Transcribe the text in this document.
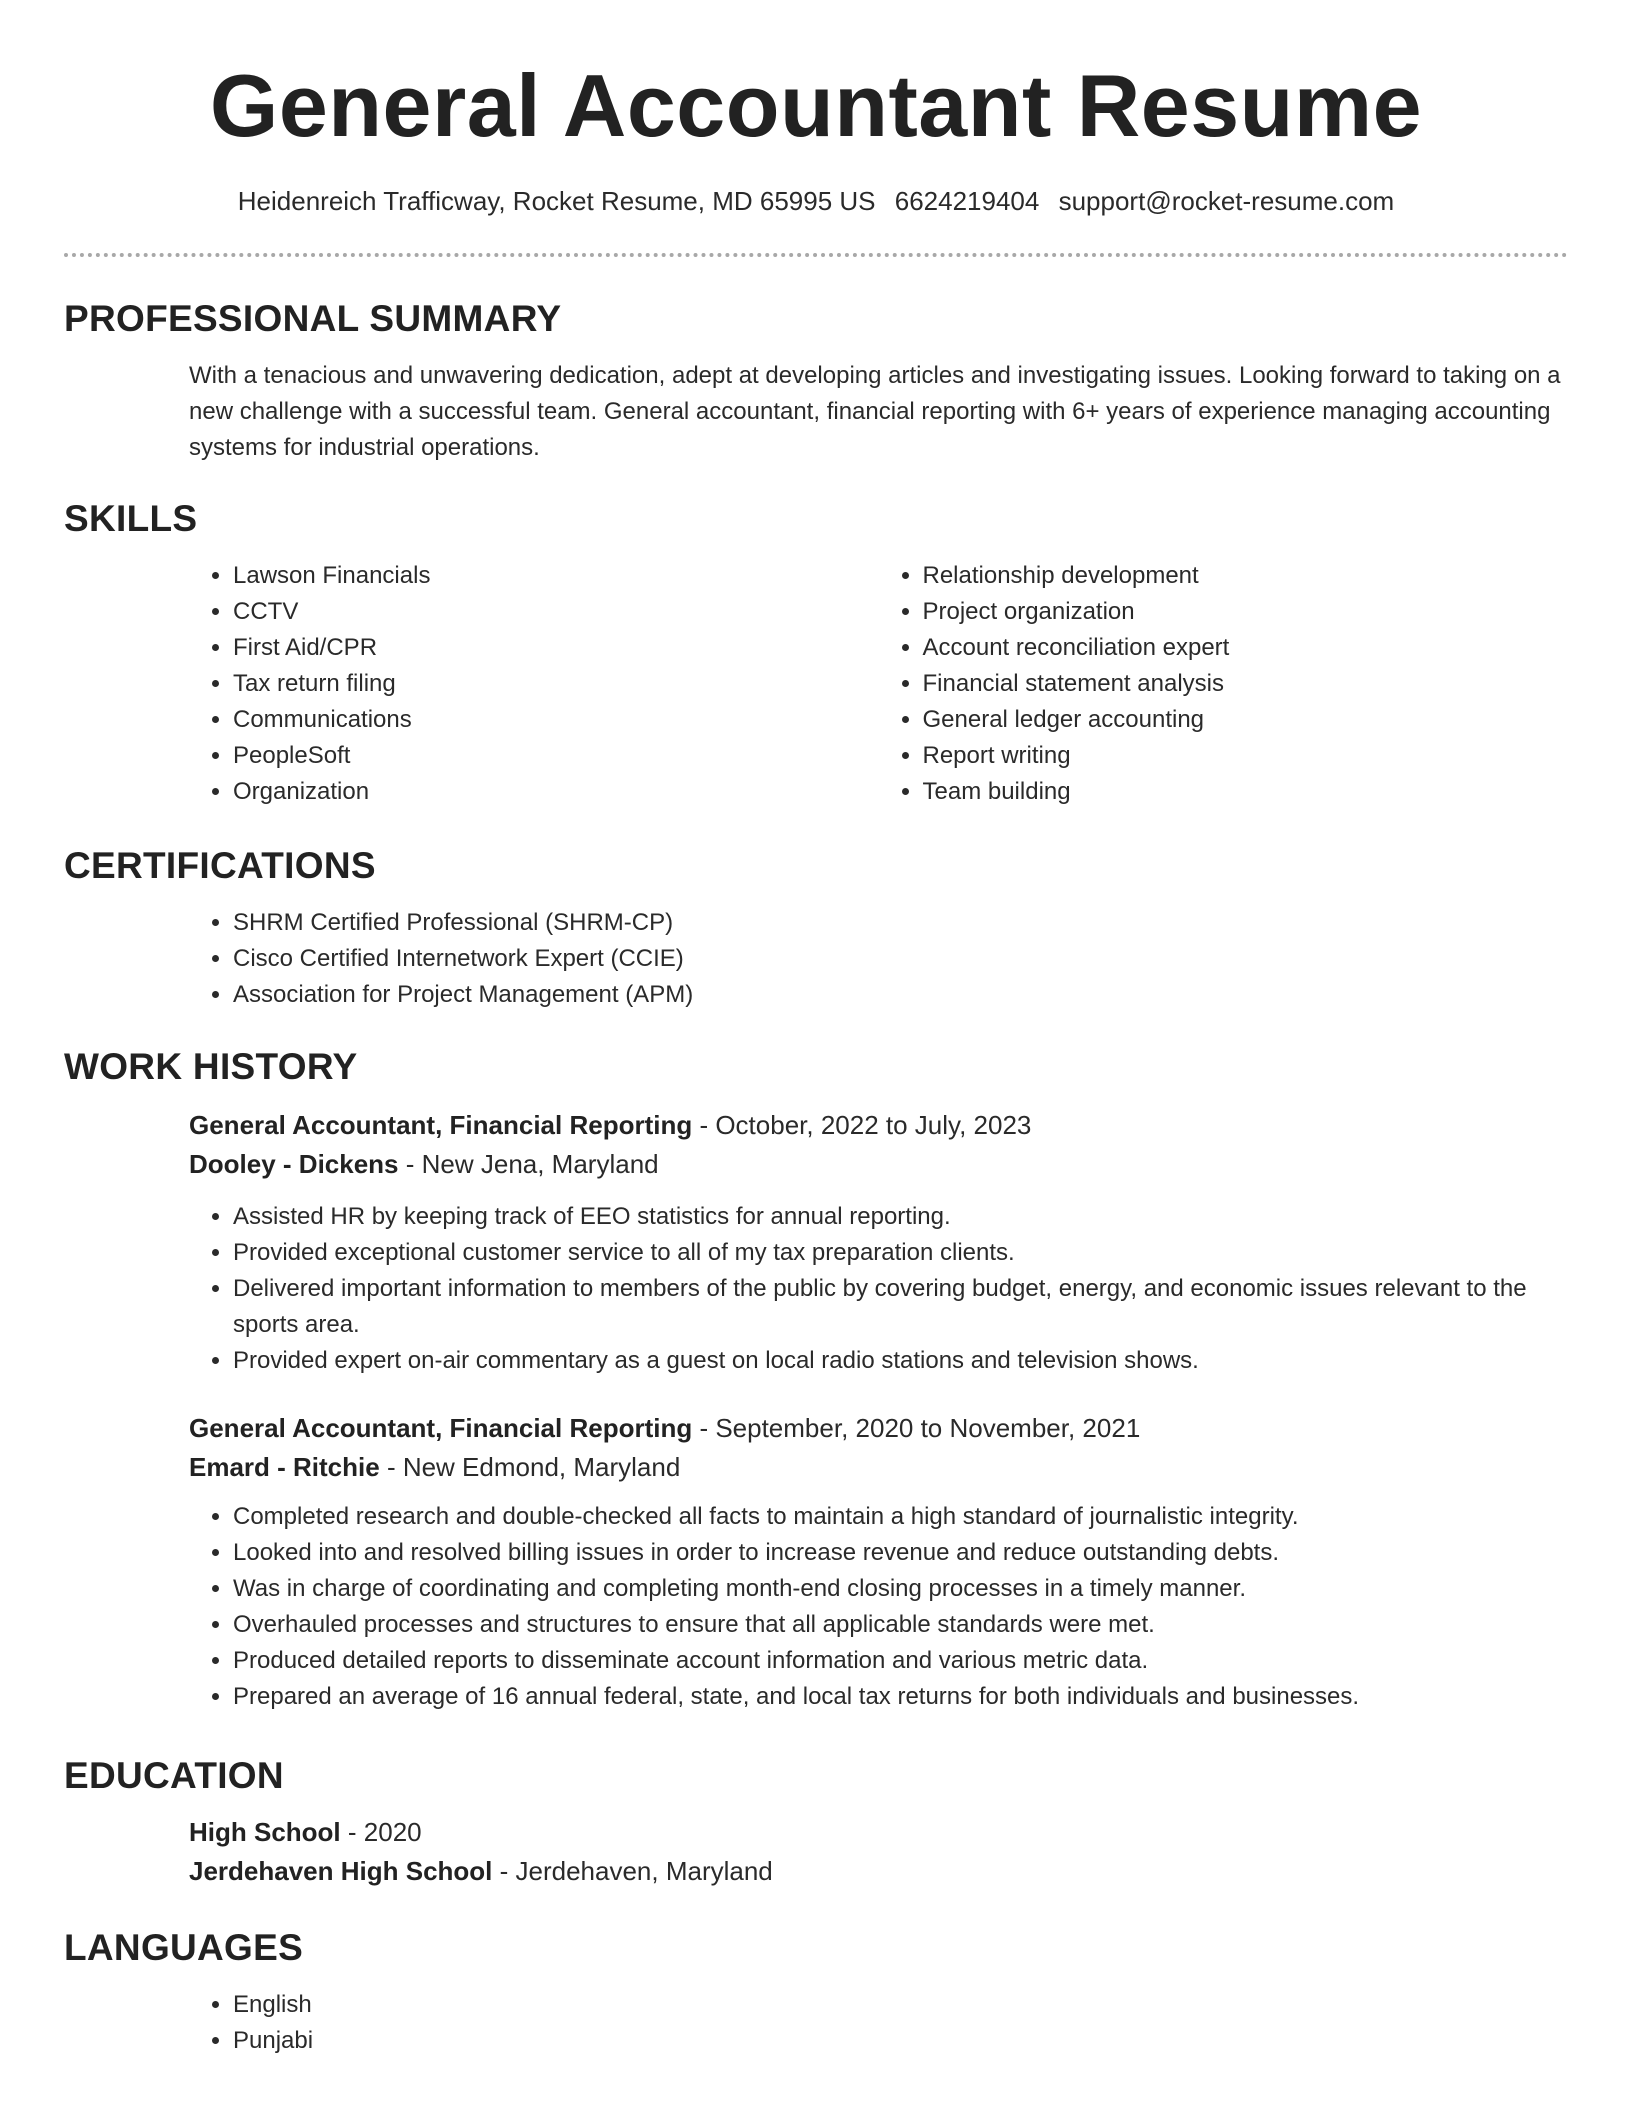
General Accountant Resume
Heidenreich Trafficway, Rocket Resume, MD 65995 US 6624219404 support@rocket-resume.com
PROFESSIONAL SUMMARY

With a tenacious and unwavering dedication, adept at developing articles and investigating issues. Looking forward to taking on a new challenge with a successful team. General accountant, financial reporting with 6+ years of experience managing accounting systems for industrial operations.

SKILLS
• Lawson Financials
• CCTV
• First Aid/CPR
• Tax return filing
• Communications
• PeopleSoft
• Organization
• Relationship development
• Project organization
• Account reconciliation expert
• Financial statement analysis
• General ledger accounting
• Report writing
• Team building
CERTIFICATIONS
• SHRM Certified Professional (SHRM-CP)
• Cisco Certified Internetwork Expert (CCIE)
• Association for Project Management (APM)
WORK HISTORY
General Accountant, Financial Reporting - October, 2022 to July, 2023
Dooley - Dickens - New Jena, Maryland
• Assisted HR by keeping track of EEO statistics for annual reporting.
• Provided exceptional customer service to all of my tax preparation clients.
• Delivered important information to members of the public by covering budget, energy, and economic issues relevant to the sports area.
• Provided expert on-air commentary as a guest on local radio stations and television shows.
General Accountant, Financial Reporting - September, 2020 to November, 2021
Emard - Ritchie - New Edmond, Maryland
• Completed research and double-checked all facts to maintain a high standard of journalistic integrity.
• Looked into and resolved billing issues in order to increase revenue and reduce outstanding debts.
• Was in charge of coordinating and completing month-end closing processes in a timely manner.
• Overhauled processes and structures to ensure that all applicable standards were met.
• Produced detailed reports to disseminate account information and various metric data.
• Prepared an average of 16 annual federal, state, and local tax returns for both individuals and businesses.
EDUCATION
High School - 2020
Jerdehaven High School - Jerdehaven, Maryland
LANGUAGES
• English
• Punjabi
